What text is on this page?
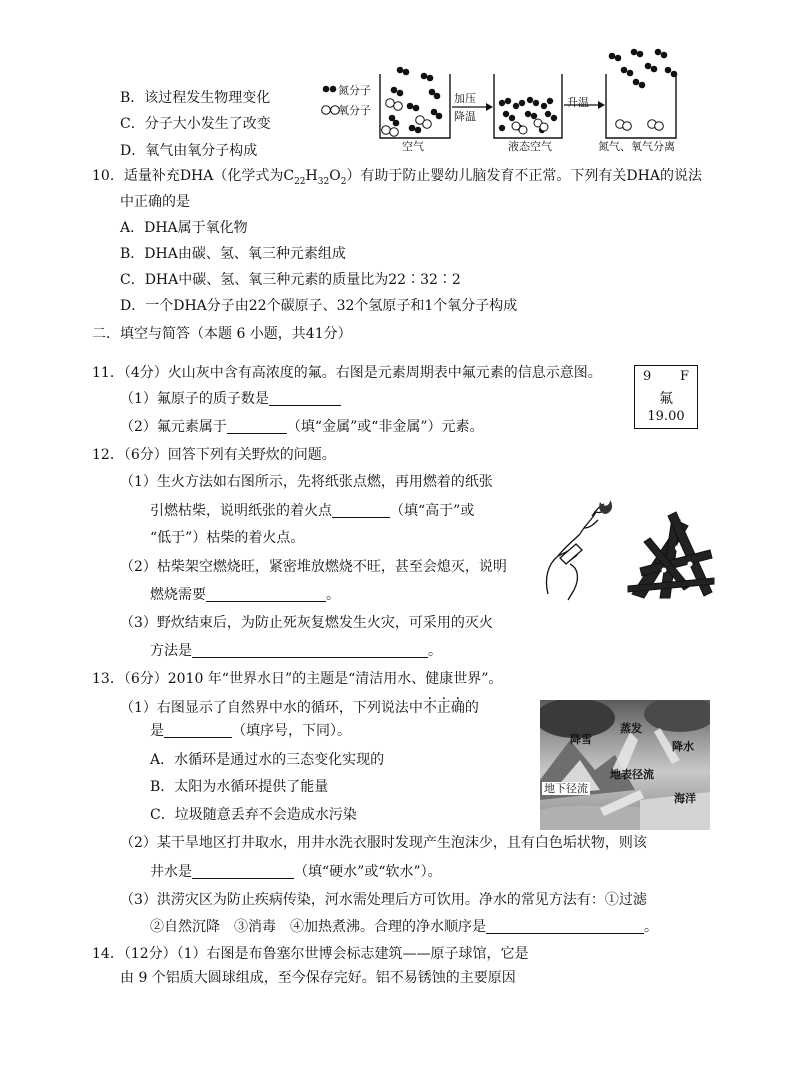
B．该过程发生物理变化
C．分子大小发生了改变
D．氧气由氧分子构成
氮分子
氧分子
加压
降温
升温
空气	液态空气	氮气、氧气分离
10．适量补充DHA（化学式为$C_{22}H_{32}O_2$）有助于防止婴幼儿脑发育不正常。下列有关DHA的说法
中正确的是
A．DHA属于氧化物
B．DHA由碳、氢、氧三种元素组成
C．DHA中碳、氢、氧三种元素的质量比为22∶32∶2
D．一个DHA分子由22个碳原子、32个氢原子和1个氧分子构成
二．填空与简答（本题 6 小题，共41分）
11．（4分）火山灰中含有高浓度的氟。右图是元素周期表中氟元素的信息示意图。
（1）氟原子的质子数是
（2）氟元素属于	（填“金属”或“非金属”）元素。
9 F
氟
19.00
12．（6分）回答下列有关野炊的问题。
（1）生火方法如右图所示，先将纸张点燃，再用燃着的纸张
引燃枯柴，说明纸张的着火点	（填“高于”或
“低于”）枯柴的着火点。
（2）枯柴架空燃烧旺，紧密堆放燃烧不旺，甚至会熄灭，说明
燃烧需要	。
（3）野炊结束后，为防止死灰复燃发生火灾，可采用的灭火
方法是	。
13．（6分）2010 年“世界水日”的主题是“清洁用水、健康世界”。
（1）右图显示了自然界中水的循环，下列说法中不正确的
是	（填序号，下同）。
A．水循环是通过水的三态变化实现的
B．太阳为水循环提供了能量
C．垃圾随意丢弃不会造成水污染
（2）某干旱地区打井取水，用井水洗衣服时发现产生泡沫少，且有白色垢状物，则该
井水是	（填“硬水”或“软水”）。
（3）洪涝灾区为防止疾病传染，河水需处理后方可饮用。净水的常见方法有：①过滤
②自然沉降　③消毒　④加热煮沸。合理的净水顺序是	。
蒸发
降雪
降水
地表径流
地下径流
海洋
14．（12分）（1）右图是布鲁塞尔世博会标志建筑——原子球馆，它是
由 9 个铝质大圆球组成，至今保存完好。铝不易锈蚀的主要原因
